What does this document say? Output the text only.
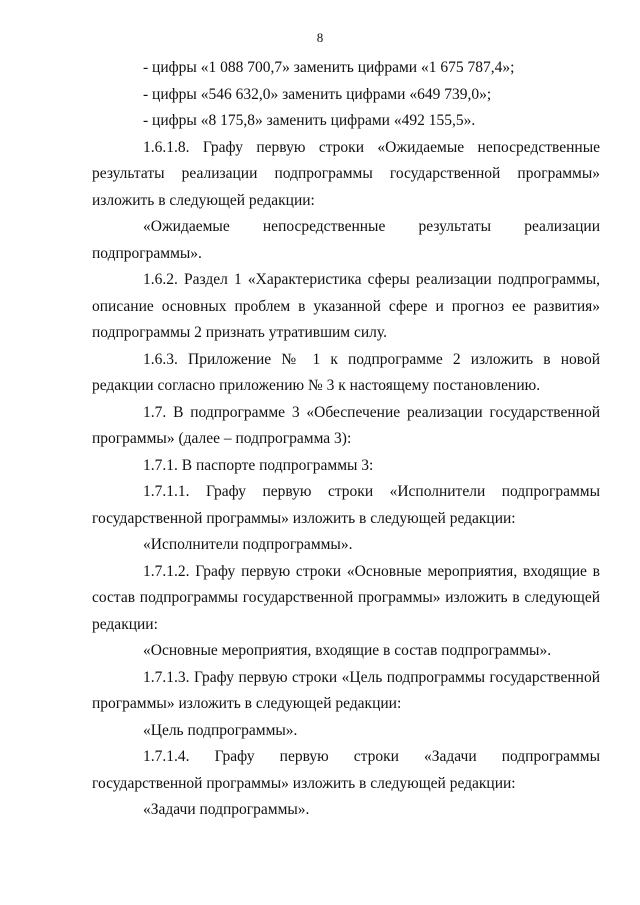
8

- цифры «1 088 700,7» заменить цифрами «1 675 787,4»;

- цифры «546 632,0» заменить цифрами «649 739,0»;

- цифры «8 175,8» заменить цифрами «492 155,5».

1.6.1.8. Графу первую строки «Ожидаемые непосредственные результаты реализации подпрограммы государственной программы» изложить в следующей редакции:

«Ожидаемые непосредственные результаты реализации подпрограммы».

1.6.2. Раздел 1 «Характеристика сферы реализации подпрограммы, описание основных проблем в указанной сфере и прогноз ее развития» подпрограммы 2 признать утратившим силу.

1.6.3. Приложение № 1 к подпрограмме 2 изложить в новой редакции согласно приложению № 3 к настоящему постановлению.

1.7. В подпрограмме 3 «Обеспечение реализации государственной программы» (далее – подпрограмма 3):

1.7.1. В паспорте подпрограммы 3:

1.7.1.1. Графу первую строки «Исполнители подпрограммы государственной программы» изложить в следующей редакции:

«Исполнители подпрограммы».

1.7.1.2. Графу первую строки «Основные мероприятия, входящие в состав подпрограммы государственной программы» изложить в следующей редакции:

«Основные мероприятия, входящие в состав подпрограммы».

1.7.1.3. Графу первую строки «Цель подпрограммы государственной программы» изложить в следующей редакции:

«Цель подпрограммы».

1.7.1.4. Графу первую строки «Задачи подпрограммы государственной программы» изложить в следующей редакции:

«Задачи подпрограммы».
